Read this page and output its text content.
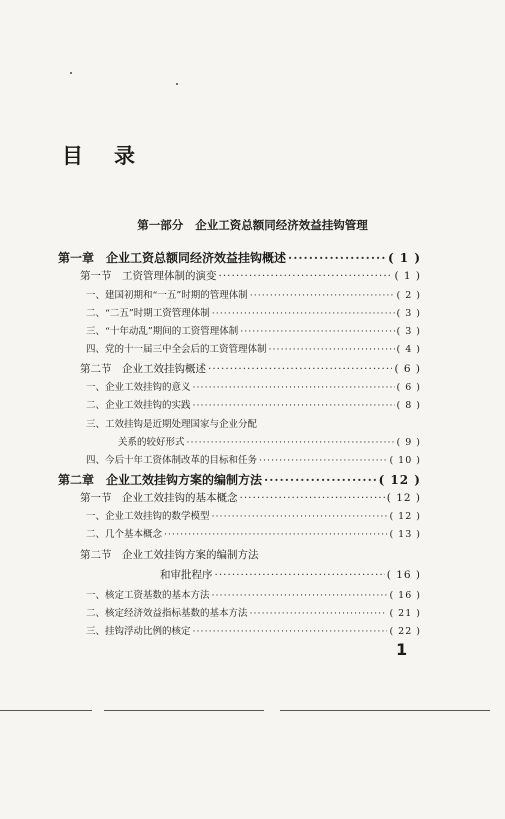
目 录
第一部分 企业工资总额同经济效益挂钩管理
第一章　企业工资总额同经济效益挂钩概述 ·····	( 1 )
第一节　工资管理体制的演变 ·····	( 1 )
一、建国初期和“一五”时期的管理体制 ·····	( 2 )
二、“二五”时期工资管理体制 ·····	( 3 )
三、“十年动乱”期间的工资管理体制 ·····	( 3 )
四、党的十一届三中全会后的工资管理体制 ·····	( 4 )
第二节　企业工效挂钩概述 ·····	( 6 )
一、企业工效挂钩的意义 ·····	( 6 )
二、企业工效挂钩的实践 ·····	( 8 )
三、工效挂钩是近期处理国家与企业分配
关系的较好形式 ·····	( 9 )
四、今后十年工资体制改革的目标和任务 ·····	( 10 )
第二章　企业工效挂钩方案的编制方法 ·····	( 12 )
第一节　企业工效挂钩的基本概念 ·····	( 12 )
一、企业工效挂钩的数学模型 ·····	( 12 )
二、几个基本概念 ·····	( 13 )
第二节　企业工效挂钩方案的编制方法
和审批程序 ·····	( 16 )
一、核定工资基数的基本方法 ·····	( 16 )
二、核定经济效益指标基数的基本方法 ·····	( 21 )
三、挂钩浮动比例的核定 ·····	( 22 )
1
